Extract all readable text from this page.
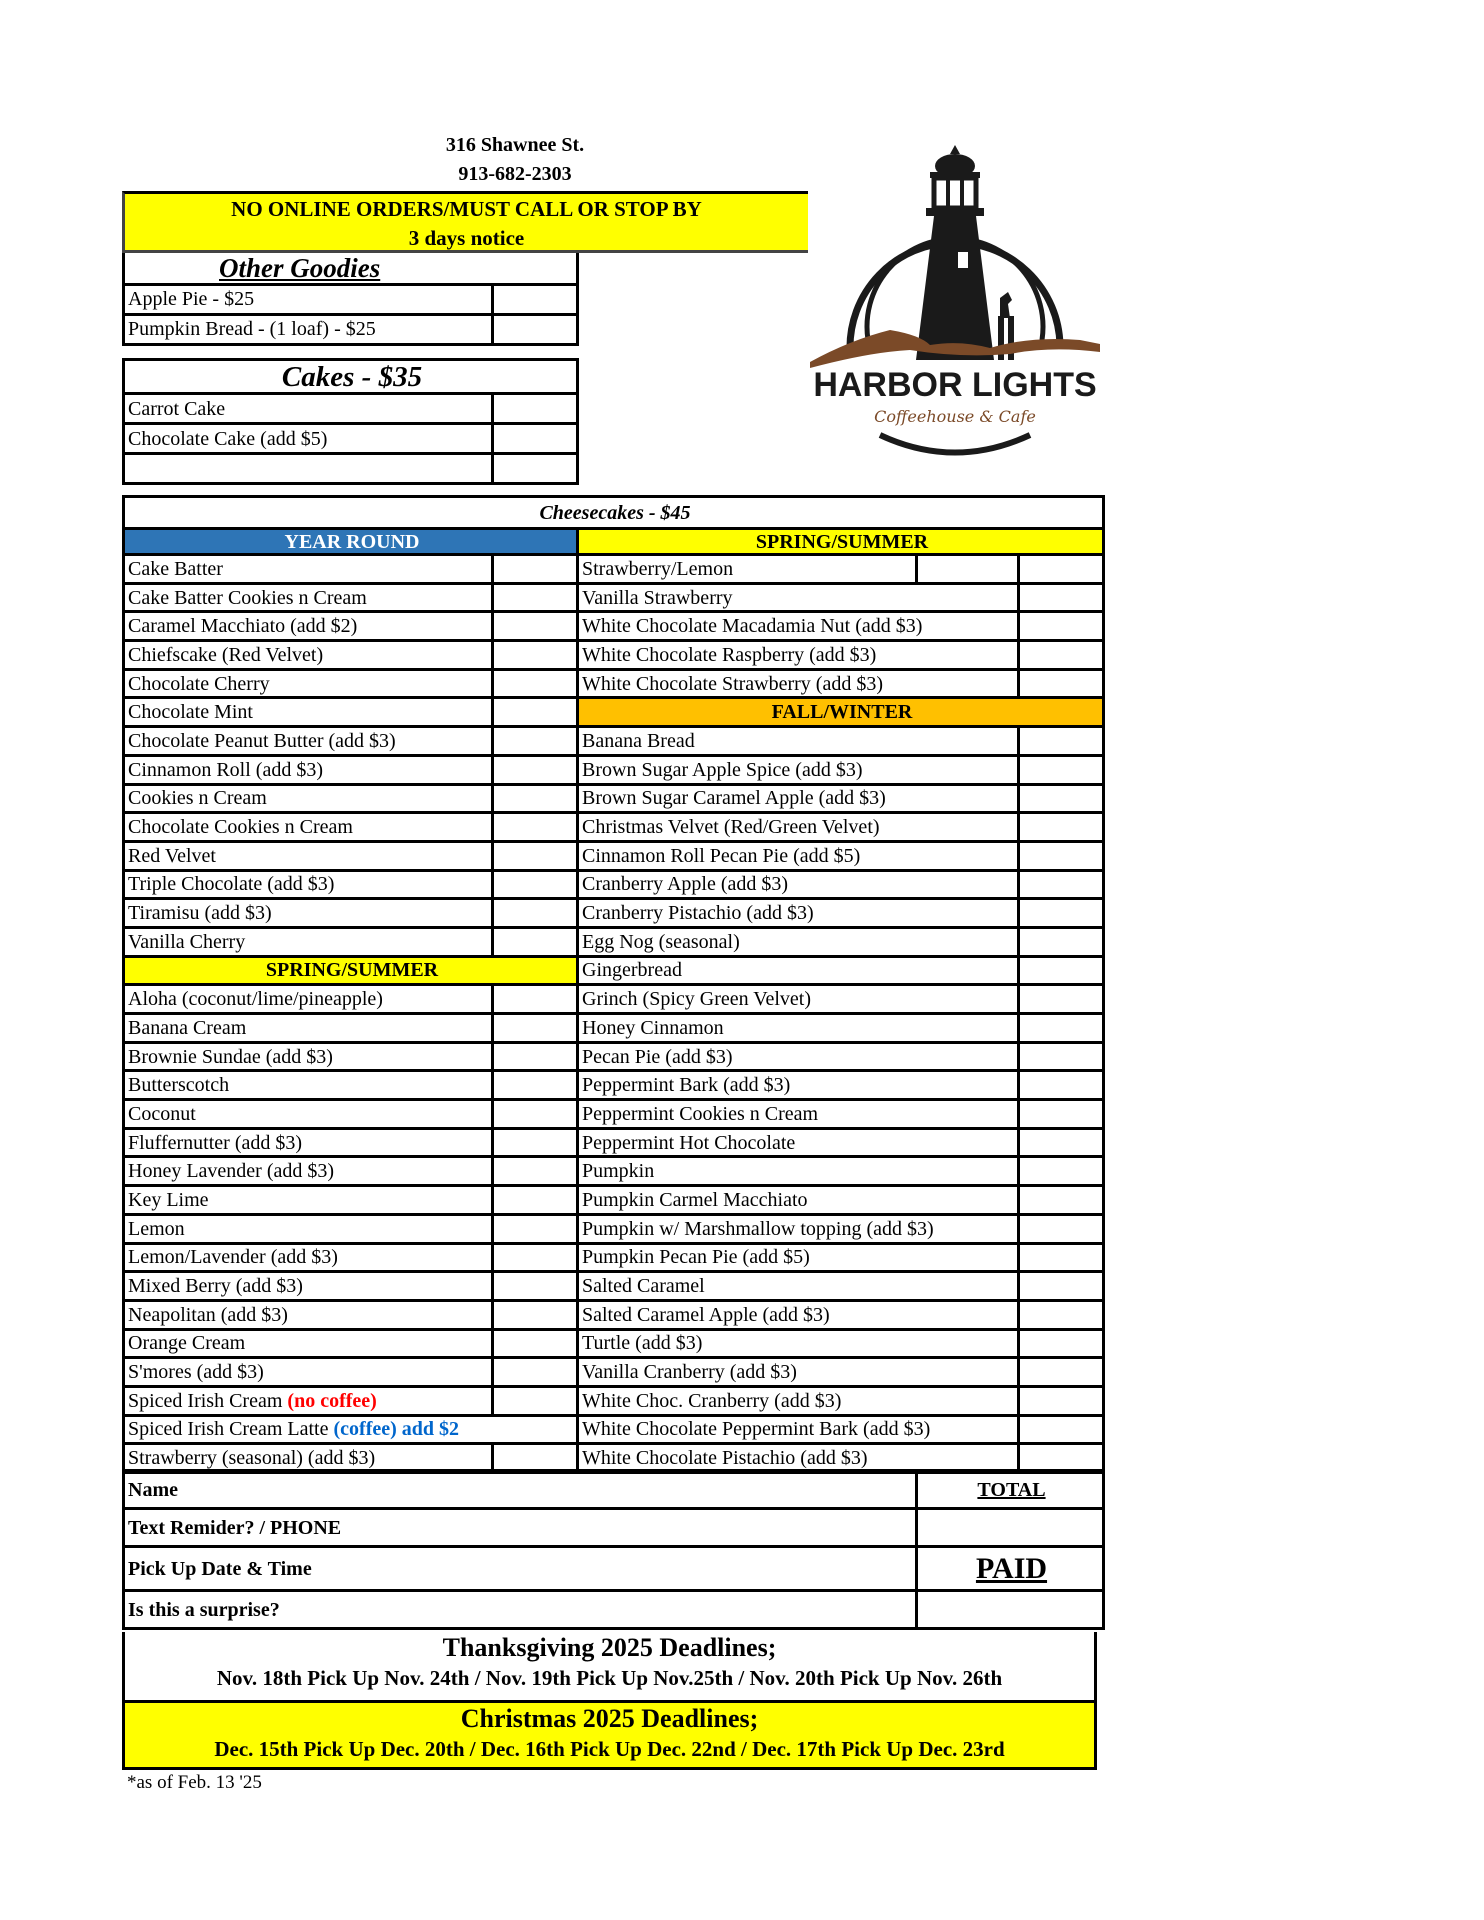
316 Shawnee St.
913-682-2303
NO ONLINE ORDERS/MUST CALL OR STOP BY
3 days notice
HARBOR LIGHTS
Coffeehouse & Cafe
Other Goodies	
Apple Pie - $25	
Pumpkin Bread - (1 loaf) - $25	
Cakes - $35	
Carrot Cake	
Chocolate Cake (add $5)	

Cheesecakes - $45				
YEAR ROUND		SPRING/SUMMER		
Cake Batter		Strawberry/Lemon		
Cake Batter Cookies n Cream		Vanilla Strawberry		
Caramel Macchiato (add $2)		White Chocolate Macadamia Nut (add $3)		
Chiefscake (Red Velvet)		White Chocolate Raspberry (add $3)		
Chocolate Cherry		White Chocolate Strawberry (add $3)		
Chocolate Mint		FALL/WINTER		
Chocolate Peanut Butter (add $3)		Banana Bread		
Cinnamon Roll (add $3)		Brown Sugar Apple Spice (add $3)		
Cookies n Cream		Brown Sugar Caramel Apple (add $3)		
Chocolate Cookies n Cream		Christmas Velvet (Red/Green Velvet)		
Red Velvet		Cinnamon Roll Pecan Pie (add $5)		
Triple Chocolate (add $3)		Cranberry Apple (add $3)		
Tiramisu (add $3)		Cranberry Pistachio (add $3)		
Vanilla Cherry		Egg Nog (seasonal)		
SPRING/SUMMER		Gingerbread		
Aloha (coconut/lime/pineapple)		Grinch (Spicy Green Velvet)		
Banana Cream		Honey Cinnamon		
Brownie Sundae (add $3)		Pecan Pie (add $3)		
Butterscotch		Peppermint Bark (add $3)		
Coconut		Peppermint Cookies n Cream		
Fluffernutter (add $3)		Peppermint Hot Chocolate		
Honey Lavender (add $3)		Pumpkin		
Key Lime		Pumpkin Carmel Macchiato		
Lemon		Pumpkin w/ Marshmallow topping (add $3)		
Lemon/Lavender (add $3)		Pumpkin Pecan Pie (add $5)		
Mixed Berry (add $3)		Salted Caramel		
Neapolitan (add $3)		Salted Caramel Apple (add $3)		
Orange Cream		Turtle (add $3)		
S'mores (add $3)		Vanilla Cranberry (add $3)		
Spiced Irish Cream (no coffee)		White Choc. Cranberry (add $3)		
Spiced Irish Cream Latte (coffee) add $2		White Chocolate Peppermint Bark (add $3)		
Strawberry (seasonal) (add $3)		White Chocolate Pistachio (add $3)		
Name	TOTAL
Text Remider? / PHONE	
Pick Up Date & Time	PAID
Is this a surprise?	
Thanksgiving 2025 Deadlines;
Nov. 18th Pick Up Nov. 24th / Nov. 19th Pick Up Nov.25th / Nov. 20th Pick Up Nov. 26th
Christmas 2025 Deadlines;
Dec. 15th Pick Up Dec. 20th / Dec. 16th Pick Up Dec. 22nd / Dec. 17th Pick Up Dec. 23rd
*as of Feb. 13 '25
